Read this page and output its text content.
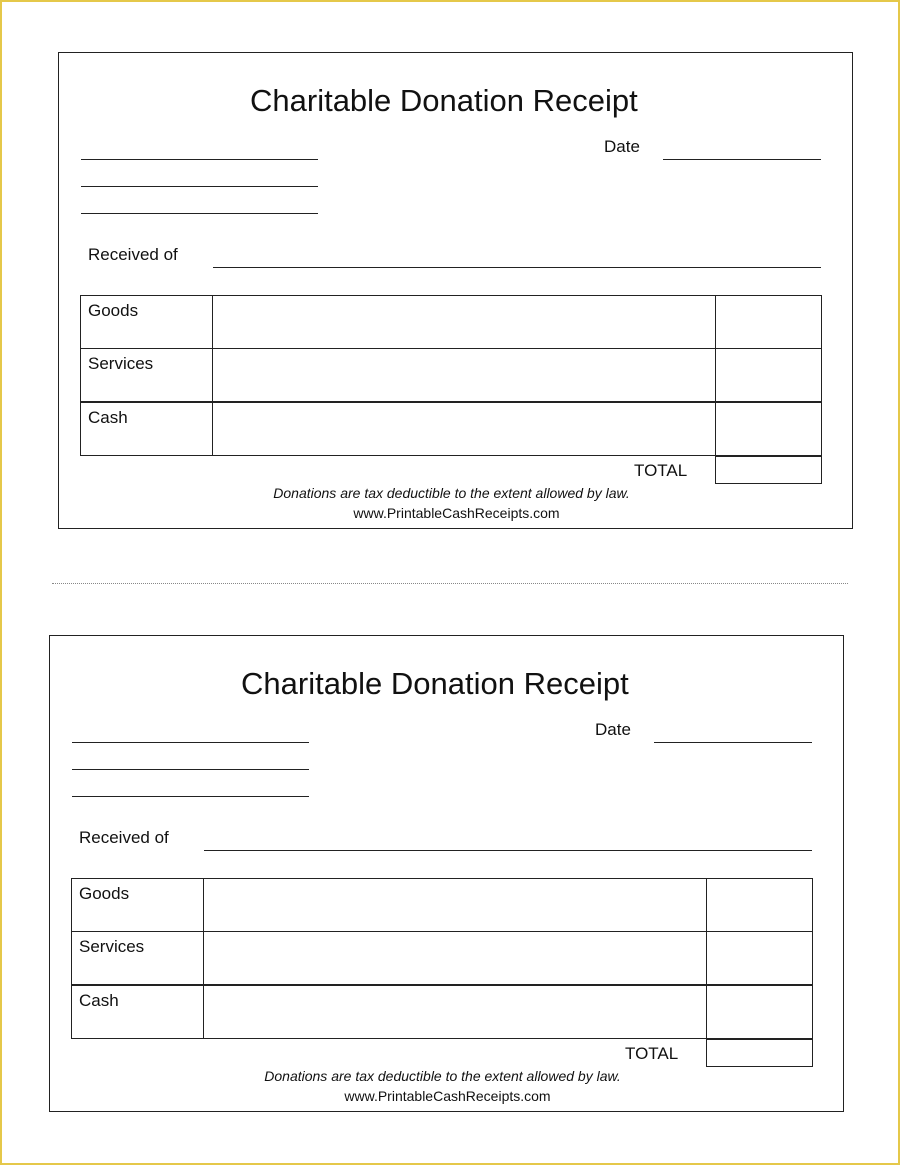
Charitable Donation Receipt
Date
Received of
Goods
Services
Cash
TOTAL
Donations are tax deductible to the extent allowed by law.
www.PrintableCashReceipts.com
Charitable Donation Receipt
Date
Received of
Goods
Services
Cash
TOTAL
Donations are tax deductible to the extent allowed by law.
www.PrintableCashReceipts.com
